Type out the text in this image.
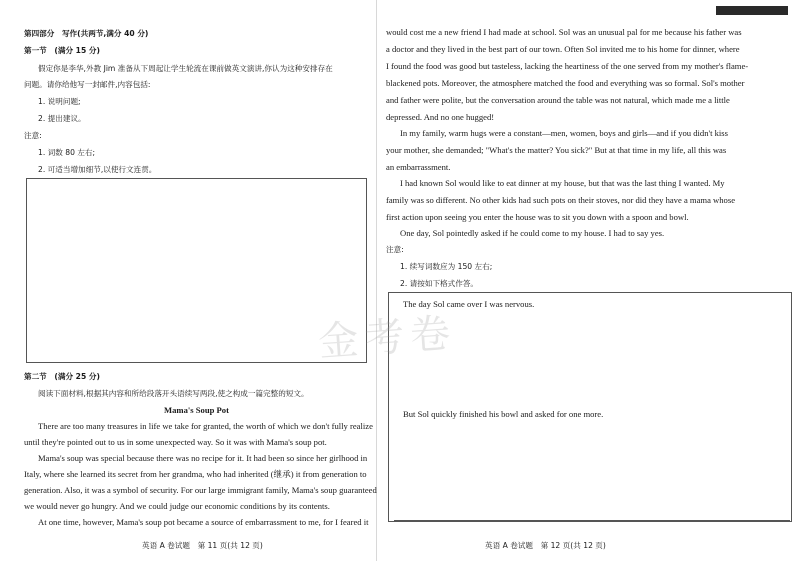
第四部分　写作(共两节,满分 40 分)
第一节　(满分 15 分)
假定你是李华,外教 Jim 准备从下周起让学生轮流在课前做英文演讲,你认为这种安排存在
问题。请你给他写一封邮件,内容包括:
1. 说明问题;
2. 提出建议。
注意:
1. 词数 80 左右;
2. 可适当增加细节,以使行文连贯。
第二节　(满分 25 分)
阅读下面材料,根据其内容和所给段落开头语续写两段,使之构成一篇完整的短文。
Mama's Soup Pot
There are too many treasures in life we take for granted, the worth of which we don't fully realize
until they're pointed out to us in some unexpected way. So it was with Mama's soup pot.
Mama's soup was special because there was no recipe for it. It had been so since her girlhood in
Italy, where she learned its secret from her grandma, who had inherited (继承) it from generation to
generation. Also, it was a symbol of security. For our large immigrant family, Mama's soup guaranteed
we would never go hungry. And we could judge our economic conditions by its contents.
At one time, however, Mama's soup pot became a source of embarrassment to me, for I feared it
英语 A 卷试题　第 11 页(共 12 页)
would cost me a new friend I had made at school. Sol was an unusual pal for me because his father was
a doctor and they lived in the best part of our town. Often Sol invited me to his home for dinner, where
I found the food was good but tasteless, lacking the heartiness of the one served from my mother's flame-
blackened pots. Moreover, the atmosphere matched the food and everything was so formal. Sol's mother
and father were polite, but the conversation around the table was not natural, which made me a little
depressed. And no one hugged!
In my family, warm hugs were a constant—men, women, boys and girls—and if you didn't kiss
your mother, she demanded; "What's the matter? You sick?" But at that time in my life, all this was
an embarrassment.
I had known Sol would like to eat dinner at my house, but that was the last thing I wanted. My
family was so different. No other kids had such pots on their stoves, nor did they have a mama whose
first action upon seeing you enter the house was to sit you down with a spoon and bowl.
One day, Sol pointedly asked if he could come to my house. I had to say yes.
注意:
1. 续写词数应为 150 左右;
2. 请按如下格式作答。
The day Sol came over I was nervous.
But Sol quickly finished his bowl and asked for one more.
英语 A 卷试题　第 12 页(共 12 页)
金考卷
